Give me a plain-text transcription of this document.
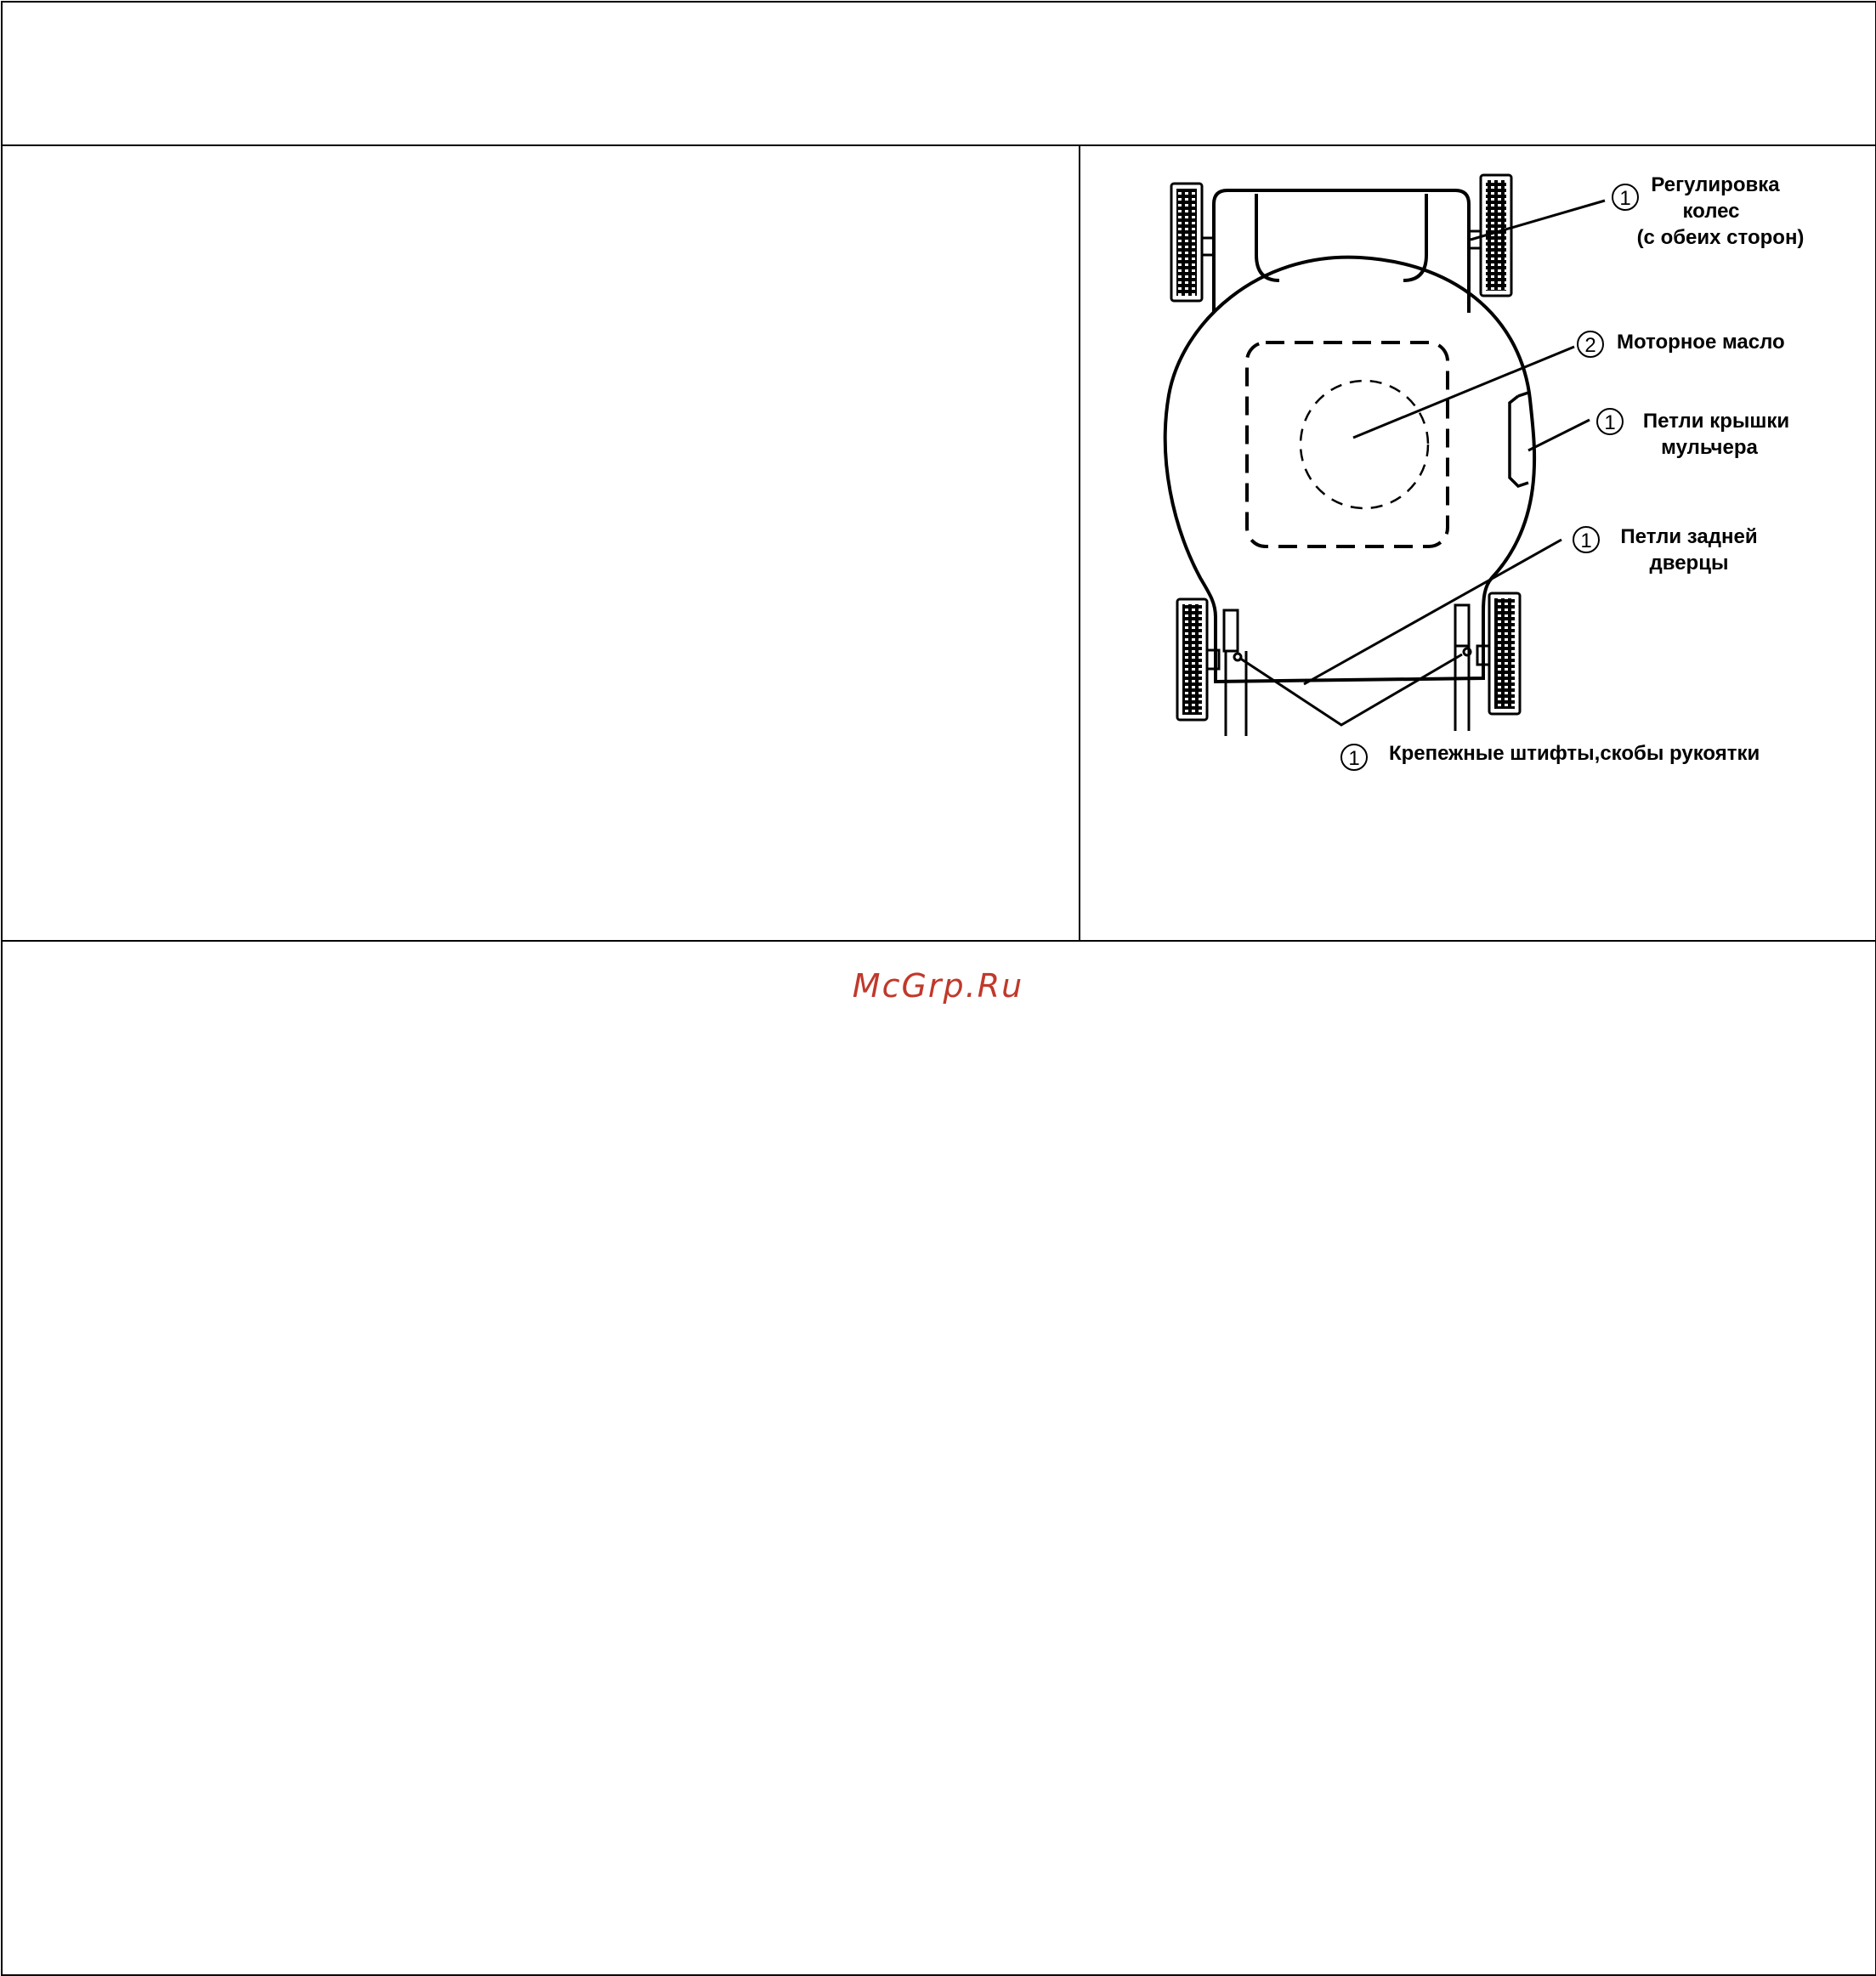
1
2
1
1
1
Регулировка
колес
(с обеих сторон)
Моторное масло
Петли крышки
мульчера
Петли задней
дверцы
Крепежные штифты,скобы рукоятки
McGrp.Ru
